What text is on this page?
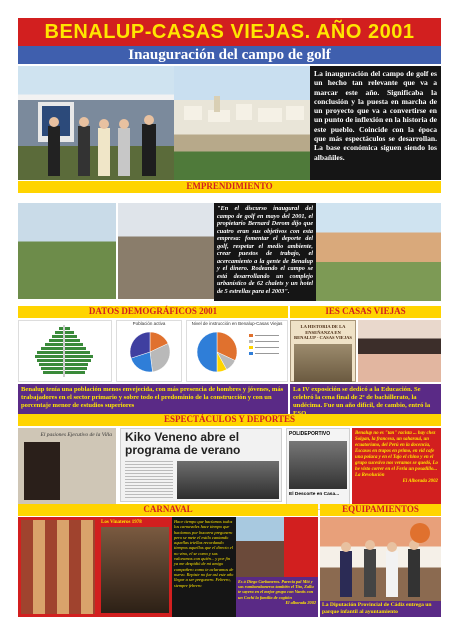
BENALUP-CASAS VIEJAS. AÑO 2001
Inauguración del campo de golf
La inauguración del campo de golf es un hecho tan relevante que va a marcar este año. Significaba la conclusión y la puesta en marcha de un proyecto que va a convertirse en un punto de inflexión en la historia de este pueblo. Coincide con la época que más espectáculos se desarrollan. La base económica siguen siendo los albañiles.
EMPRENDIMIENTO
"En el discurso inaugural del campo de golf en mayo del 2001, el propietario Bernard Derom dijo que cuatro eran sus objetivos con esta empresa: fomentar el deporte del golf, respetar el medio ambiente, crear puestos de trabajo, el acercamiento a la gente de Benalup y el dinero. Rodeando el campo se está desarrollando un complejo urbanístico de 62 chalets y un hotel de 5 estrellas para el 2003".
DATOS DEMOGRÁFICOS 2001	IES CASAS VIEJAS
Población activa	Nivel de instrucción en Benalup-Casas Viejas
Benalup tenía una población menos envejecida, con más presencia de hombres y jóvenes, más trabajadores en el sector primario y sobre todo el predominio de la construcción y con un porcentaje menor de estudios superiores
LA HISTORIA DE LA ENSEÑANZA EN BENALUP - CASAS VIEJAS
La IV exposición se dedicó a la Educación. Se celebró la cena final de 2º de bachillerato, la undécima. Fue un año difícil, de cambio, entró la
ESPECTÁCULOS Y DEPORTES
El pasiones Ejecutivo de la Villa	Kiko Veneno abre el programa de verano
POLIDEPORTIVO
El Descorte en Casa...
Benalup no es "tan" racista ... hay chez Solgan, la francesa, un saharaui, un ecuatoriano, del Perú en la docencia, Escasos en trapos en primo, en vid cafe una polaca y en el Tajo el chino y en el grupo sucesivo nos veramos se quedó, Lo he visto correr en el Feria un posadillo... La Revolución
El Alborada 2002
CARNAVAL	EQUIPAMIENTOS
Los Vinateros 1978	Hace tiempo que hacíamos todos los carnavales hace tiempo que hacíamos por bucarra pregonero pero se mete el estilo cantando aquellas triellas recordando tiempos aquellos que el directo el no vino, el se como y sus valoramos con quién... y por fin ya me despidió de mi amigo compañero como te aclaramos de nuevo. Repiste no fue así este año llegar a ser pregonero. Febrero, siempre febrero
Es à Diego Carbaneros. Parecía pal Mió y sus rumbarabaneros también el Tito, Zallu te sayera en el mejor grupo con Vantis con un Cochi la familia de cogitón
El alborada 2002	La Diputación Provincial de Cádiz entrega un parque infantil al ayuntamiento
